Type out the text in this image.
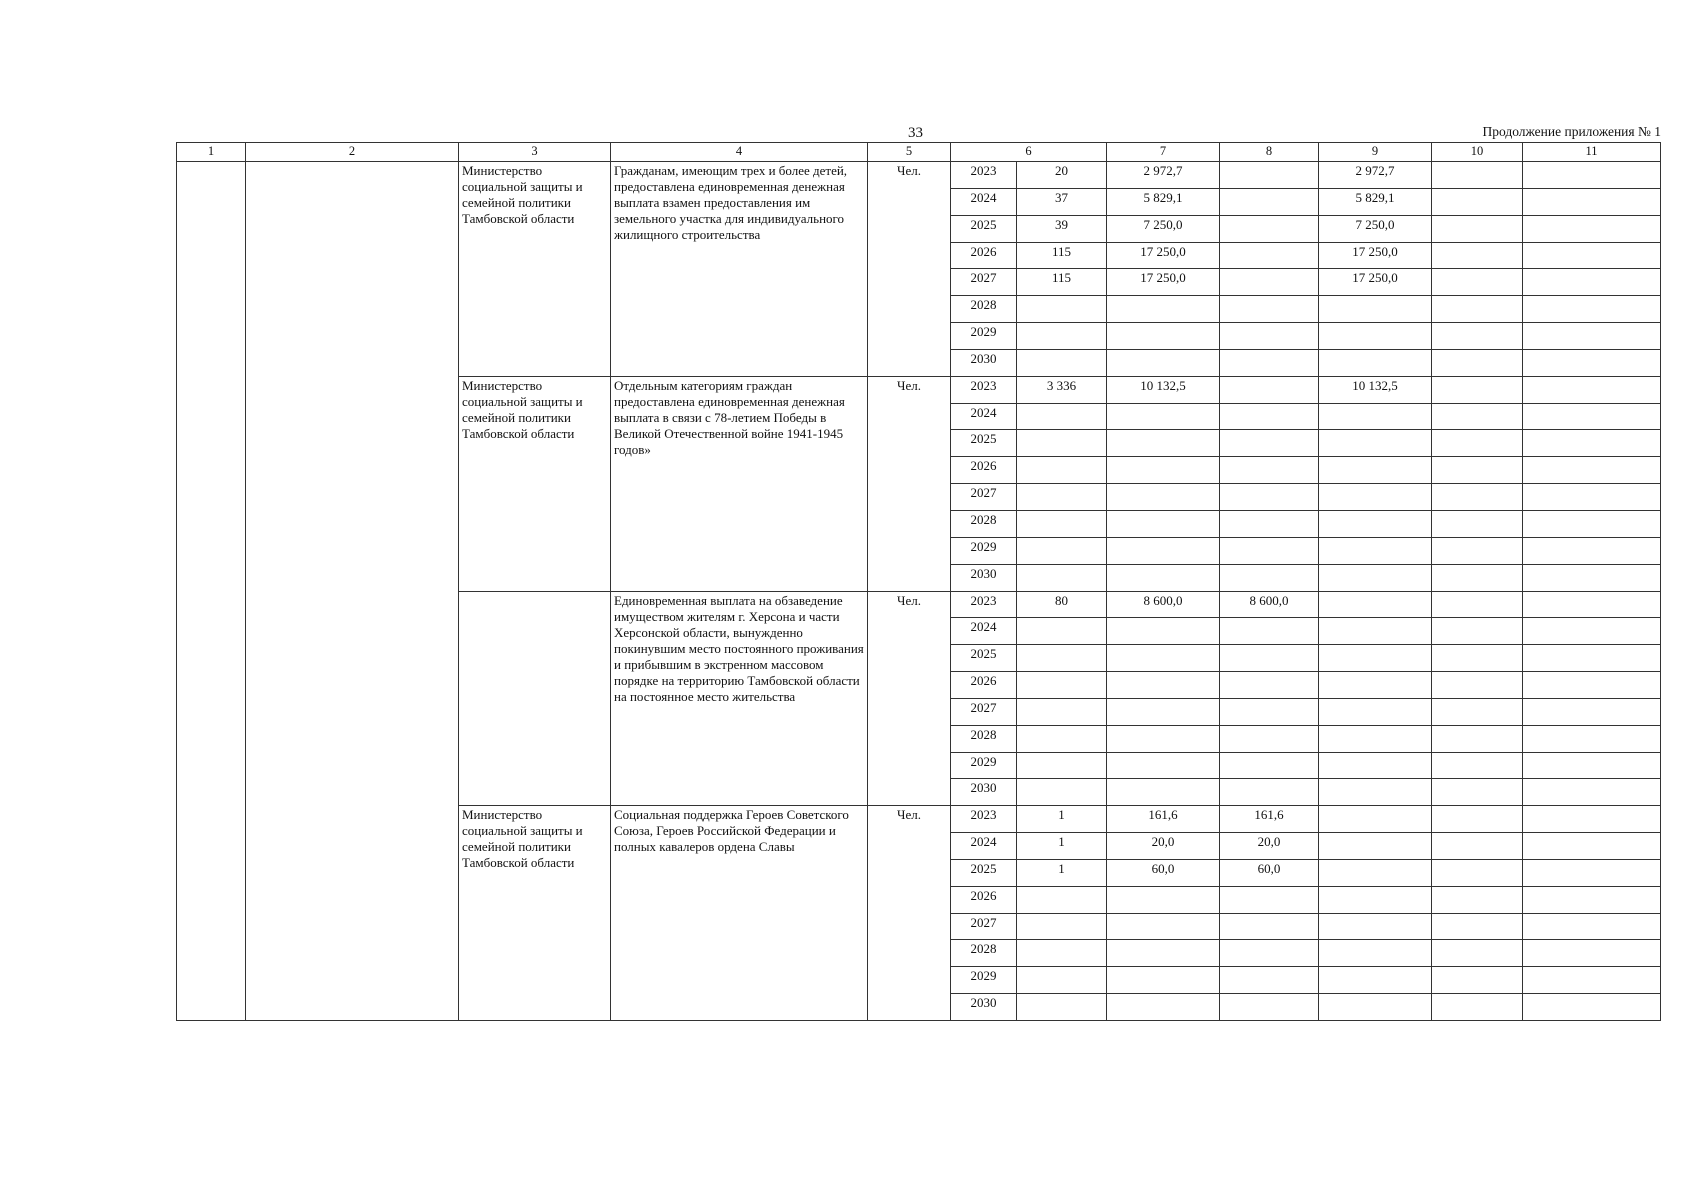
33	Продолжение приложения № 1
1	2	3	4	5	6		7	8	9	10	11
		Министерство социальной защиты и семейной политики Тамбовской области	Гражданам, имеющим трех и более детей, предоставлена единовременная денежная выплата взамен предоставления им земельного участка для индивидуального жилищного строительства	Чел.	2023	20	2 972,7		2 972,7		
					2024	37	5 829,1		5 829,1		
					2025	39	7 250,0		7 250,0		
					2026	115	17 250,0		17 250,0		
					2027	115	17 250,0		17 250,0		
					2028						
					2029						
					2030						
		Министерство социальной защиты и семейной политики Тамбовской области	Отдельным категориям граждан предоставлена единовременная денежная выплата в связи с 78-летием Победы в Великой Отечественной войне 1941-1945 годов»	Чел.	2023	3 336	10 132,5		10 132,5		
					2024						
					2025						
					2026						
					2027						
					2028						
					2029						
					2030						
			Единовременная выплата на обзаведение имуществом жителям г. Херсона и части Херсонской области, вынужденно покинувшим место постоянного проживания и прибывшим в экстренном массовом порядке на территорию Тамбовской области на постоянное место жительства	Чел.	2023	80	8 600,0	8 600,0			
					2024						
					2025						
					2026						
					2027						
					2028						
					2029						
					2030						
		Министерство социальной защиты и семейной политики Тамбовской области	Социальная поддержка Героев Советского Союза, Героев Российской Федерации и полных кавалеров ордена Славы	Чел.	2023	1	161,6	161,6			
					2024	1	20,0	20,0			
					2025	1	60,0	60,0			
					2026						
					2027						
					2028						
					2029						
					2030						
